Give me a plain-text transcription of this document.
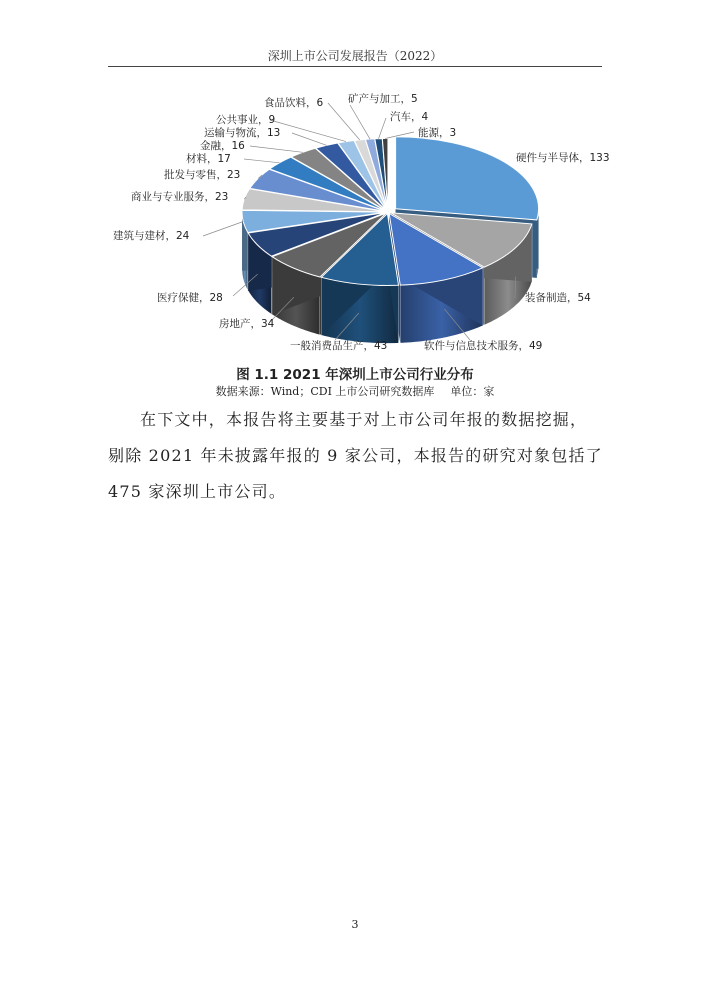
深圳上市公司发展报告（2022）
硬件与半导体，133
装备制造，54
软件与信息技术服务，49
一般消费品生产，43
房地产，34
医疗保健，28
建筑与建材，24
商业与专业服务，23
批发与零售，23
材料，17
金融，16
运输与物流，13
公共事业，9
食品饮料，6 矿产与加工，5
汽车，4
能源，3
图 1.1 2021 年深圳上市公司行业分布
数据来源：Wind；CDI 上市公司研究数据库 单位：家

在下文中，本报告将主要基于对上市公司年报的数据挖掘，剔除 2021 年未披露年报的 9 家公司，本报告的研究对象包括了 475 家深圳上市公司。

3
